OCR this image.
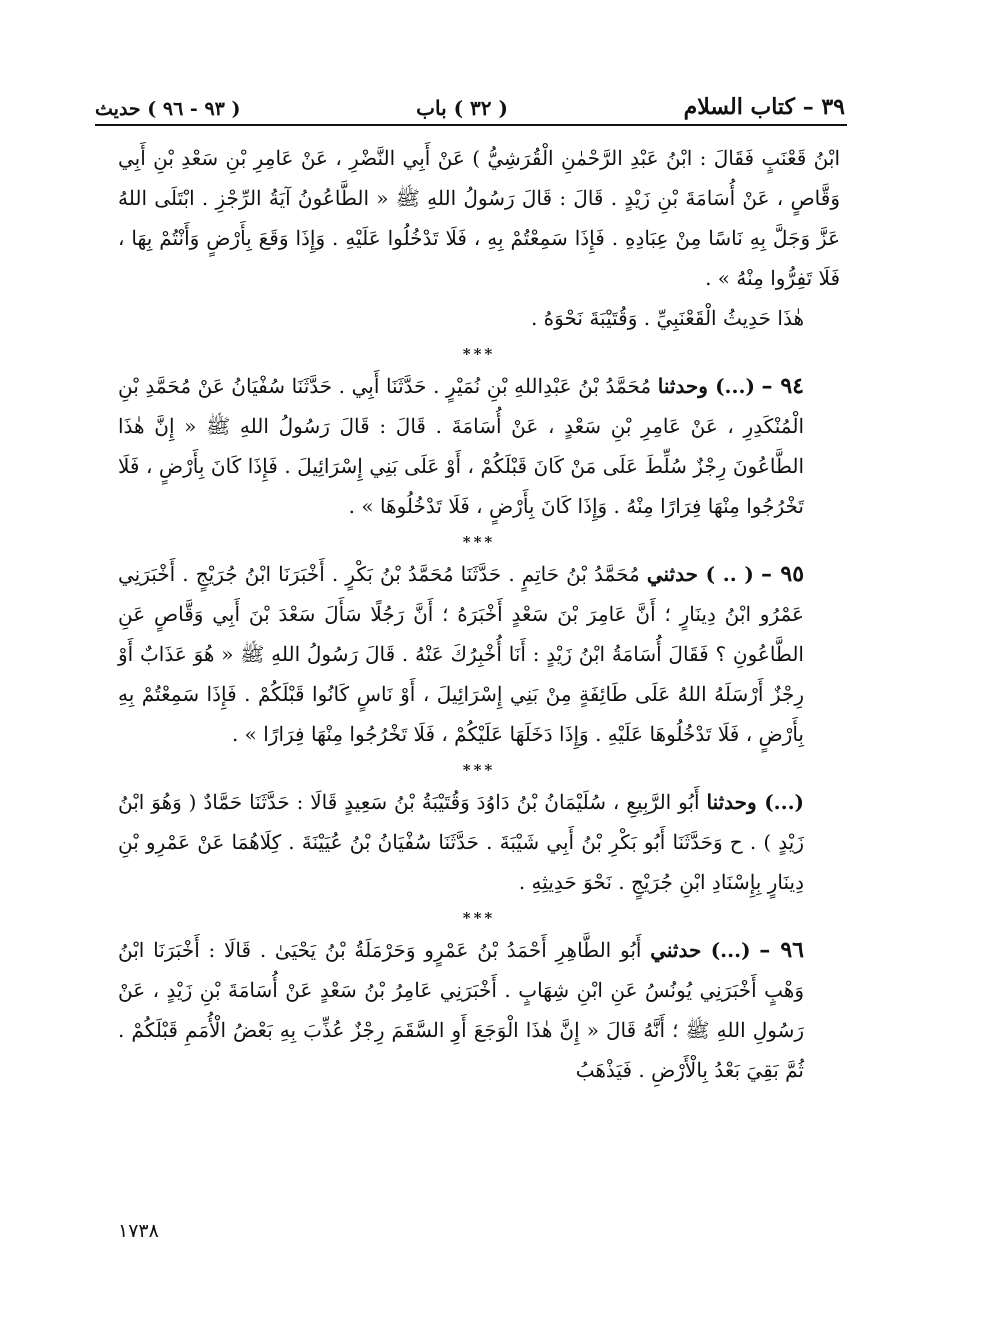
٣٩ – كتاب السلام
( ٣٢ ) باب
( ٩٣ - ٩٦ ) حديث

ابْنُ قَعْنَبٍ فَقَالَ : ابْنُ عَبْدِ الرَّحْمٰنِ الْقُرَشِيُّ ) عَنْ أَبِي النَّضْرِ ، عَنْ عَامِرِ بْنِ سَعْدِ بْنِ أَبِي وَقَّاصٍ ، عَنْ أُسَامَةَ بْنِ زَيْدٍ . قَالَ : قَالَ رَسُولُ اللهِ ﷺ « الطَّاعُونُ آيَةُ الرِّجْزِ . ابْتَلَى اللهُ عَزَّ وَجَلَّ بِهِ نَاسًا مِنْ عِبَادِهِ . فَإِذَا سَمِعْتُمْ بِهِ ، فَلَا تَدْخُلُوا عَلَيْهِ . وَإِذَا وَقَعَ بِأَرْضٍ وَأَنْتُمْ بِهَا ، فَلَا تَفِرُّوا مِنْهُ » .

هٰذَا حَدِيثُ الْقَعْنَبِيِّ . وَقُتَيْبَةَ نَحْوَهُ .

***

٩٤ – (...) وحدثنا مُحَمَّدُ بْنُ عَبْدِاللهِ بْنِ نُمَيْرٍ . حَدَّثَنَا أَبِي . حَدَّثَنَا سُفْيَانُ عَنْ مُحَمَّدِ بْنِ الْمُنْكَدِرِ ، عَنْ عَامِرِ بْنِ سَعْدٍ ، عَنْ أُسَامَةَ . قَالَ : قَالَ رَسُولُ اللهِ ﷺ « إِنَّ هٰذَا الطَّاعُونَ رِجْزٌ سُلِّطَ عَلَى مَنْ كَانَ قَبْلَكُمْ ، أَوْ عَلَى بَنِي إِسْرَائِيلَ . فَإِذَا كَانَ بِأَرْضٍ ، فَلَا تَخْرُجُوا مِنْهَا فِرَارًا مِنْهُ . وَإِذَا كَانَ بِأَرْضٍ ، فَلَا تَدْخُلُوهَا » .

***

٩٥ – ( .. ) حدثني مُحَمَّدُ بْنُ حَاتِمٍ . حَدَّثَنَا مُحَمَّدُ بْنُ بَكْرٍ . أَخْبَرَنَا ابْنُ جُرَيْجٍ . أَخْبَرَنِي عَمْرُو ابْنُ دِينَارٍ ؛ أَنَّ عَامِرَ بْنَ سَعْدٍ أَخْبَرَهُ ؛ أَنَّ رَجُلًا سَأَلَ سَعْدَ بْنَ أَبِي وَقَّاصٍ عَنِ الطَّاعُونِ ؟ فَقَالَ أُسَامَةُ ابْنُ زَيْدٍ : أَنَا أُخْبِرُكَ عَنْهُ . قَالَ رَسُولُ اللهِ ﷺ « هُوَ عَذَابٌ أَوْ رِجْزٌ أَرْسَلَهُ اللهُ عَلَى طَائِفَةٍ مِنْ بَنِي إِسْرَائِيلَ ، أَوْ نَاسٍ كَانُوا قَبْلَكُمْ . فَإِذَا سَمِعْتُمْ بِهِ بِأَرْضٍ ، فَلَا تَدْخُلُوهَا عَلَيْهِ . وَإِذَا دَخَلَهَا عَلَيْكُمْ ، فَلَا تَخْرُجُوا مِنْهَا فِرَارًا » .

***

(...) وحدثنا أَبُو الرَّبِيعِ ، سُلَيْمَانُ بْنُ دَاوُدَ وَقُتَيْبَةُ بْنُ سَعِيدٍ قَالَا : حَدَّثَنَا حَمَّادٌ ( وَهُوَ ابْنُ زَيْدٍ ) . ح وَحَدَّثَنَا أَبُو بَكْرِ بْنُ أَبِي شَيْبَةَ . حَدَّثَنَا سُفْيَانُ بْنُ عُيَيْنَةَ . كِلَاهُمَا عَنْ عَمْرِو بْنِ دِينَارٍ بِإِسْنَادِ ابْنِ جُرَيْجٍ . نَحْوَ حَدِيثِهِ .

***

٩٦ – (...) حدثني أَبُو الطَّاهِرِ أَحْمَدُ بْنُ عَمْرٍو وَحَرْمَلَةُ بْنُ يَحْيَىٰ . قَالَا : أَخْبَرَنَا ابْنُ وَهْبٍ أَخْبَرَنِي يُونُسُ عَنِ ابْنِ شِهَابٍ . أَخْبَرَنِي عَامِرُ بْنُ سَعْدٍ عَنْ أُسَامَةَ بْنِ زَيْدٍ ، عَنْ رَسُولِ اللهِ ﷺ ؛ أَنَّهُ قَالَ « إِنَّ هٰذَا الْوَجَعَ أَوِ السَّقَمَ رِجْزٌ عُذِّبَ بِهِ بَعْضُ الْأُمَمِ قَبْلَكُمْ . ثُمَّ بَقِيَ بَعْدُ بِالْأَرْضِ . فَيَذْهَبُ

١٧٣٨
